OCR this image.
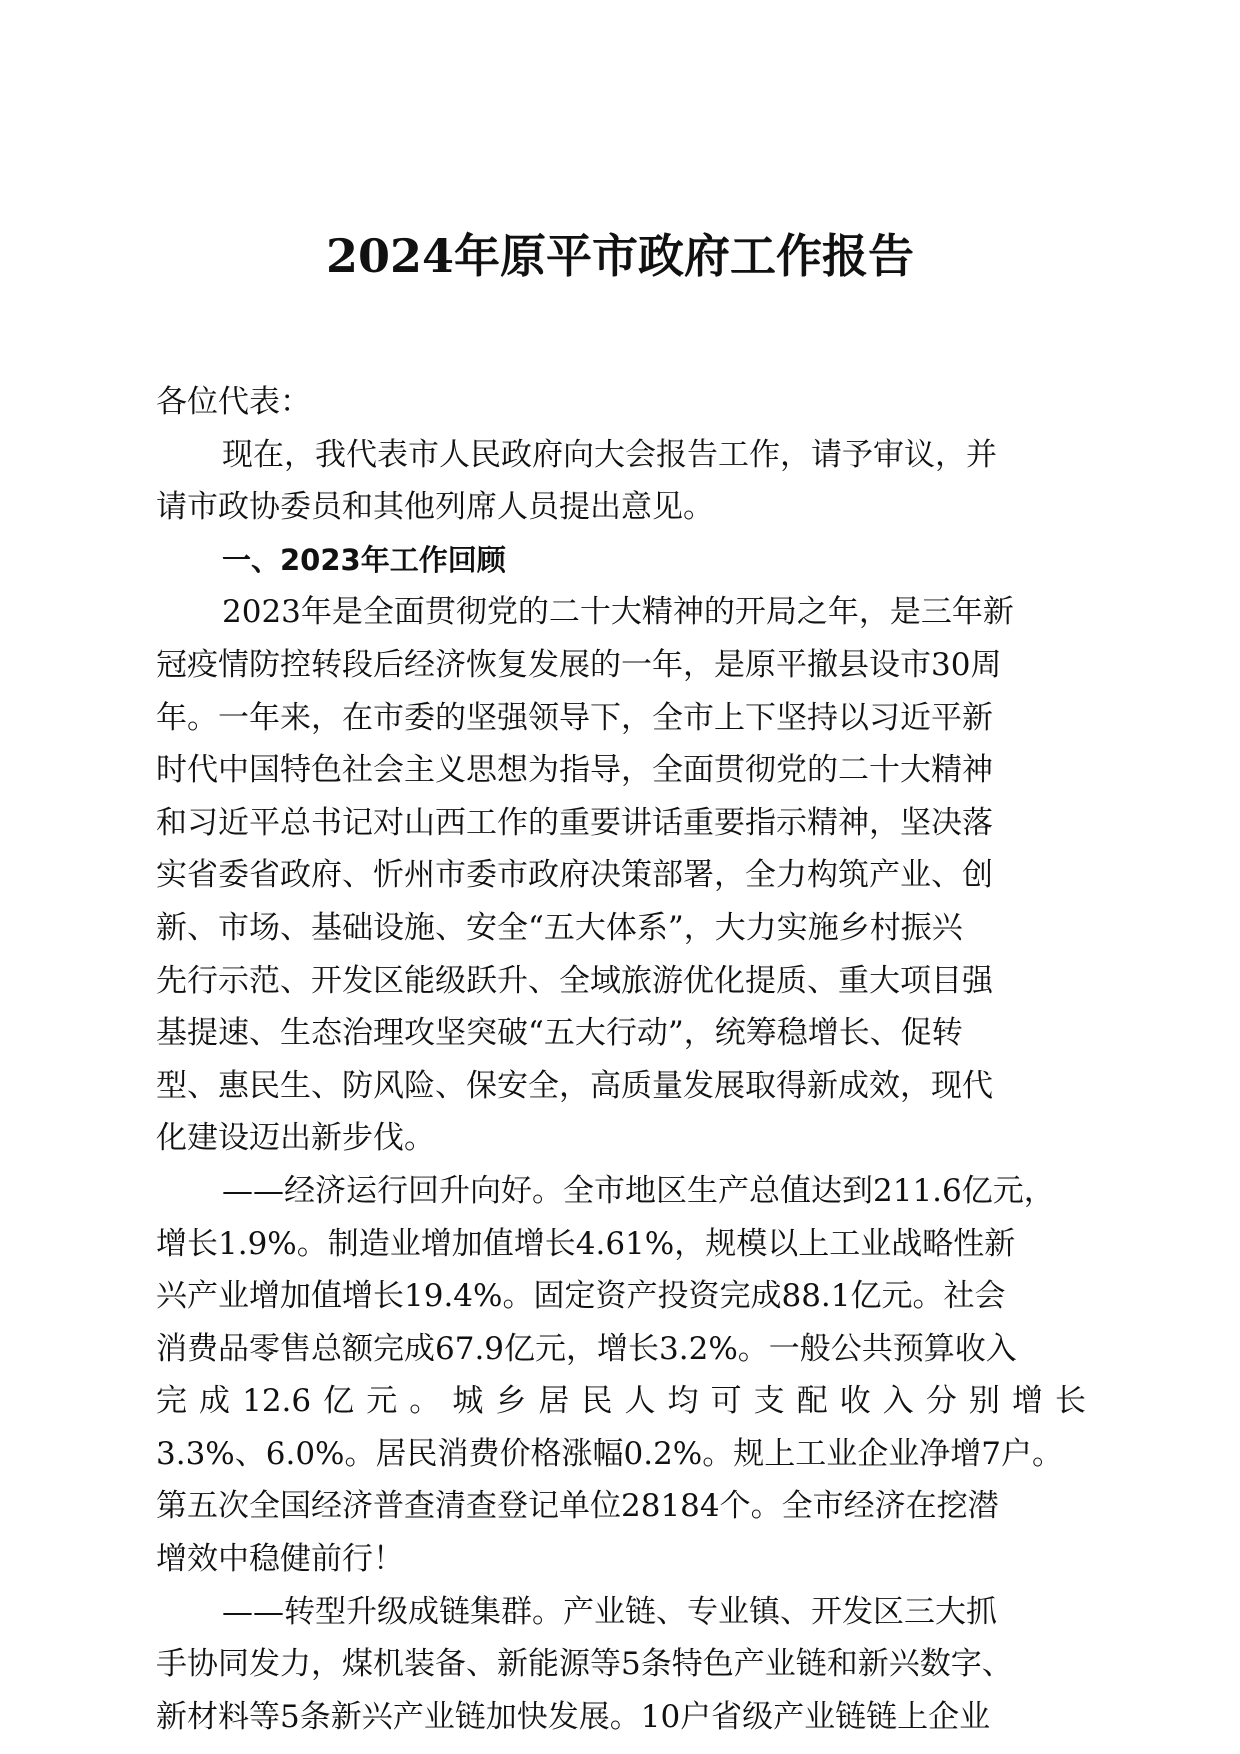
2024年原平市政府工作报告

各位代表：

现在，我代表市人民政府向大会报告工作，请予审议，并

请市政协委员和其他列席人员提出意见。

一、2023年工作回顾

2023年是全面贯彻党的二十大精神的开局之年，是三年新

冠疫情防控转段后经济恢复发展的一年，是原平撤县设市30周

年。一年来，在市委的坚强领导下，全市上下坚持以习近平新

时代中国特色社会主义思想为指导，全面贯彻党的二十大精神

和习近平总书记对山西工作的重要讲话重要指示精神，坚决落

实省委省政府、忻州市委市政府决策部署，全力构筑产业、创

新、市场、基础设施、安全“五大体系”，大力实施乡村振兴

先行示范、开发区能级跃升、全域旅游优化提质、重大项目强

基提速、生态治理攻坚突破“五大行动”，统筹稳增长、促转

型、惠民生、防风险、保安全，高质量发展取得新成效，现代

化建设迈出新步伐。

——经济运行回升向好。全市地区生产总值达到211.6亿元，

增长1.9%。制造业增加值增长4.61%，规模以上工业战略性新

兴产业增加值增长19.4%。固定资产投资完成88.1亿元。社会

消费品零售总额完成67.9亿元，增长3.2%。一般公共预算收入

完成12.6亿元。城乡居民人均可支配收入分别增长

3.3%、6.0%。居民消费价格涨幅0.2%。规上工业企业净增7户。

第五次全国经济普查清查登记单位28184个。全市经济在挖潜

增效中稳健前行！

——转型升级成链集群。产业链、专业镇、开发区三大抓

手协同发力，煤机装备、新能源等5条特色产业链和新兴数字、

新材料等5条新兴产业链加快发展。10户省级产业链链上企业
